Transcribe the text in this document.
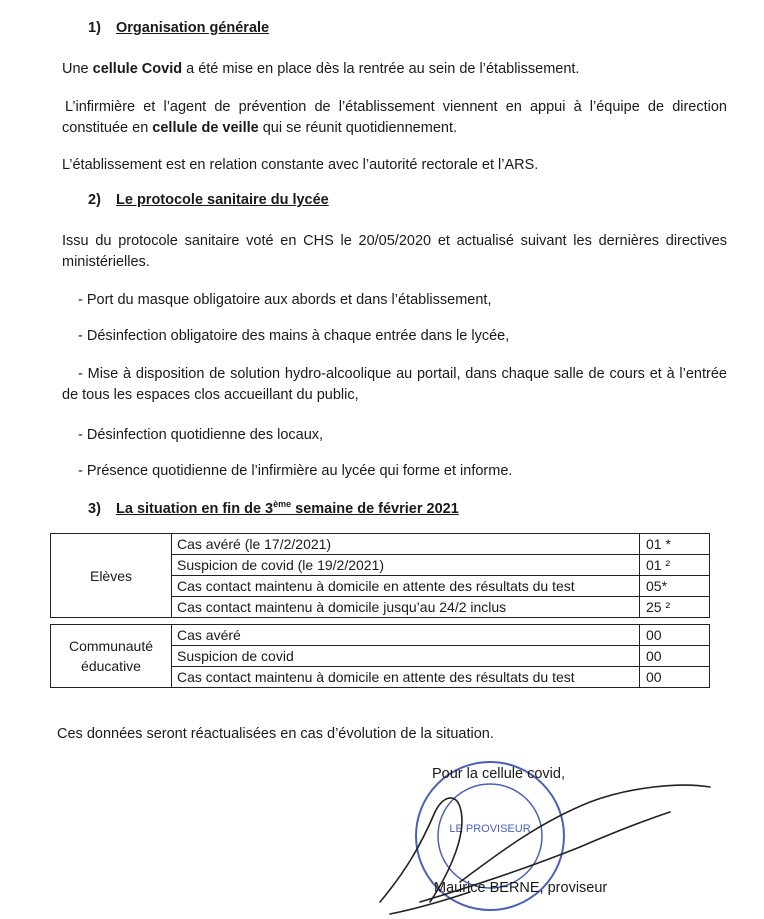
1) Organisation générale

Une cellule Covid a été mise en place dès la rentrée au sein de l’établissement.

L’infirmière et l’agent de prévention de l’établissement viennent en appui à l’équipe de direction constituée en cellule de veille qui se réunit quotidiennement.

L’établissement est en relation constante avec l’autorité rectorale et l’ARS.

2) Le protocole sanitaire du lycée

Issu du protocole sanitaire voté en CHS le 20/05/2020 et actualisé suivant les dernières directives ministérielles.

- Port du masque obligatoire aux abords et dans l’établissement,

- Désinfection obligatoire des mains à chaque entrée dans le lycée,

- Mise à disposition de solution hydro-alcoolique au portail, dans chaque salle de cours et à l’entrée de tous les espaces clos accueillant du public,

- Désinfection quotidienne des locaux,

- Présence quotidienne de l’infirmière au lycée qui forme et informe.

3) La situation en fin de 3ème semaine de février 2021
Elèves	Cas avéré (le 17/2/2021)	01 *
	Suspicion de covid (le 19/2/2021)	01 ²
	Cas contact maintenu à domicile en attente des résultats du test	05*
	Cas contact maintenu à domicile jusqu’au 24/2 inclus	25 ²

Communauté
éducative	Cas avéré	00
	Suspicion de covid	00
	Cas contact maintenu à domicile en attente des résultats du test	00

Ces données seront réactualisées en cas d’évolution de la situation.

LE PROVISEUR

Pour la cellule covid,

Maurice BERNE, proviseur
